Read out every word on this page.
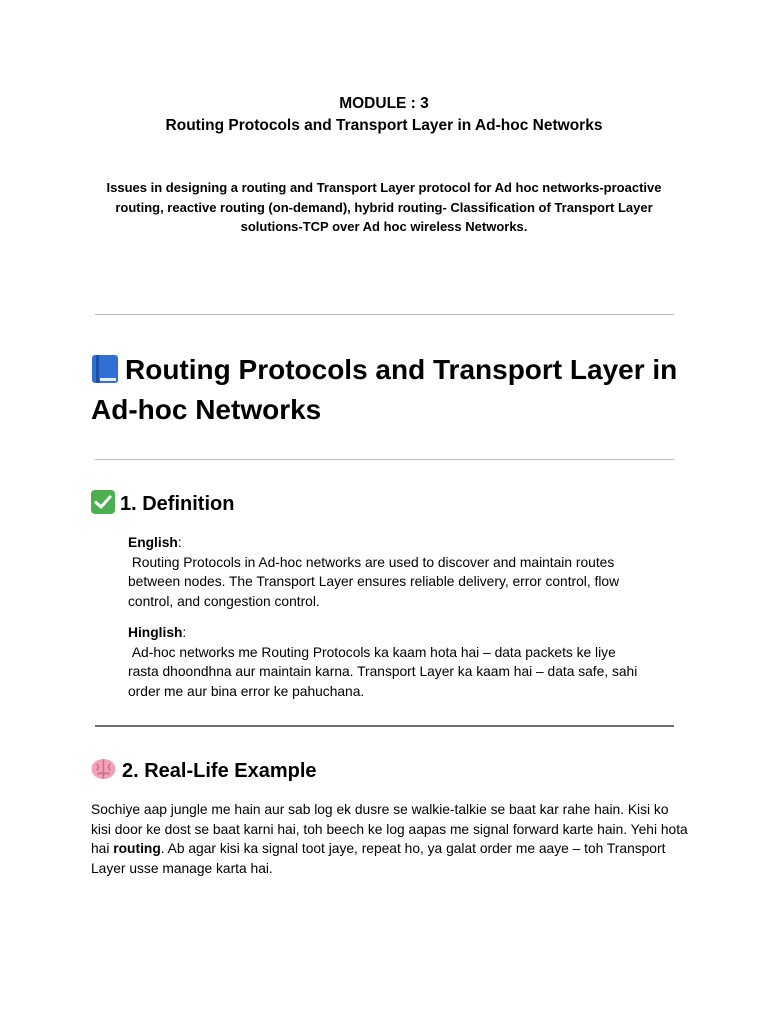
MODULE : 3
Routing Protocols and Transport Layer in Ad-hoc Networks
Issues in designing a routing and Transport Layer protocol for Ad hoc networks-proactive routing, reactive routing (on-demand), hybrid routing- Classification of Transport Layer solutions-TCP over Ad hoc wireless Networks.
Routing Protocols and Transport Layer in Ad-hoc Networks
1. Definition
English:
Routing Protocols in Ad-hoc networks are used to discover and maintain routes between nodes. The Transport Layer ensures reliable delivery, error control, flow control, and congestion control.
Hinglish:
Ad-hoc networks me Routing Protocols ka kaam hota hai – data packets ke liye rasta dhoondhna aur maintain karna. Transport Layer ka kaam hai – data safe, sahi order me aur bina error ke pahuchana.
2. Real-Life Example
Sochiye aap jungle me hain aur sab log ek dusre se walkie-talkie se baat kar rahe hain. Kisi ko kisi door ke dost se baat karni hai, toh beech ke log aapas me signal forward karte hain. Yehi hota hai routing. Ab agar kisi ka signal toot jaye, repeat ho, ya galat order me aaye – toh Transport Layer usse manage karta hai.
